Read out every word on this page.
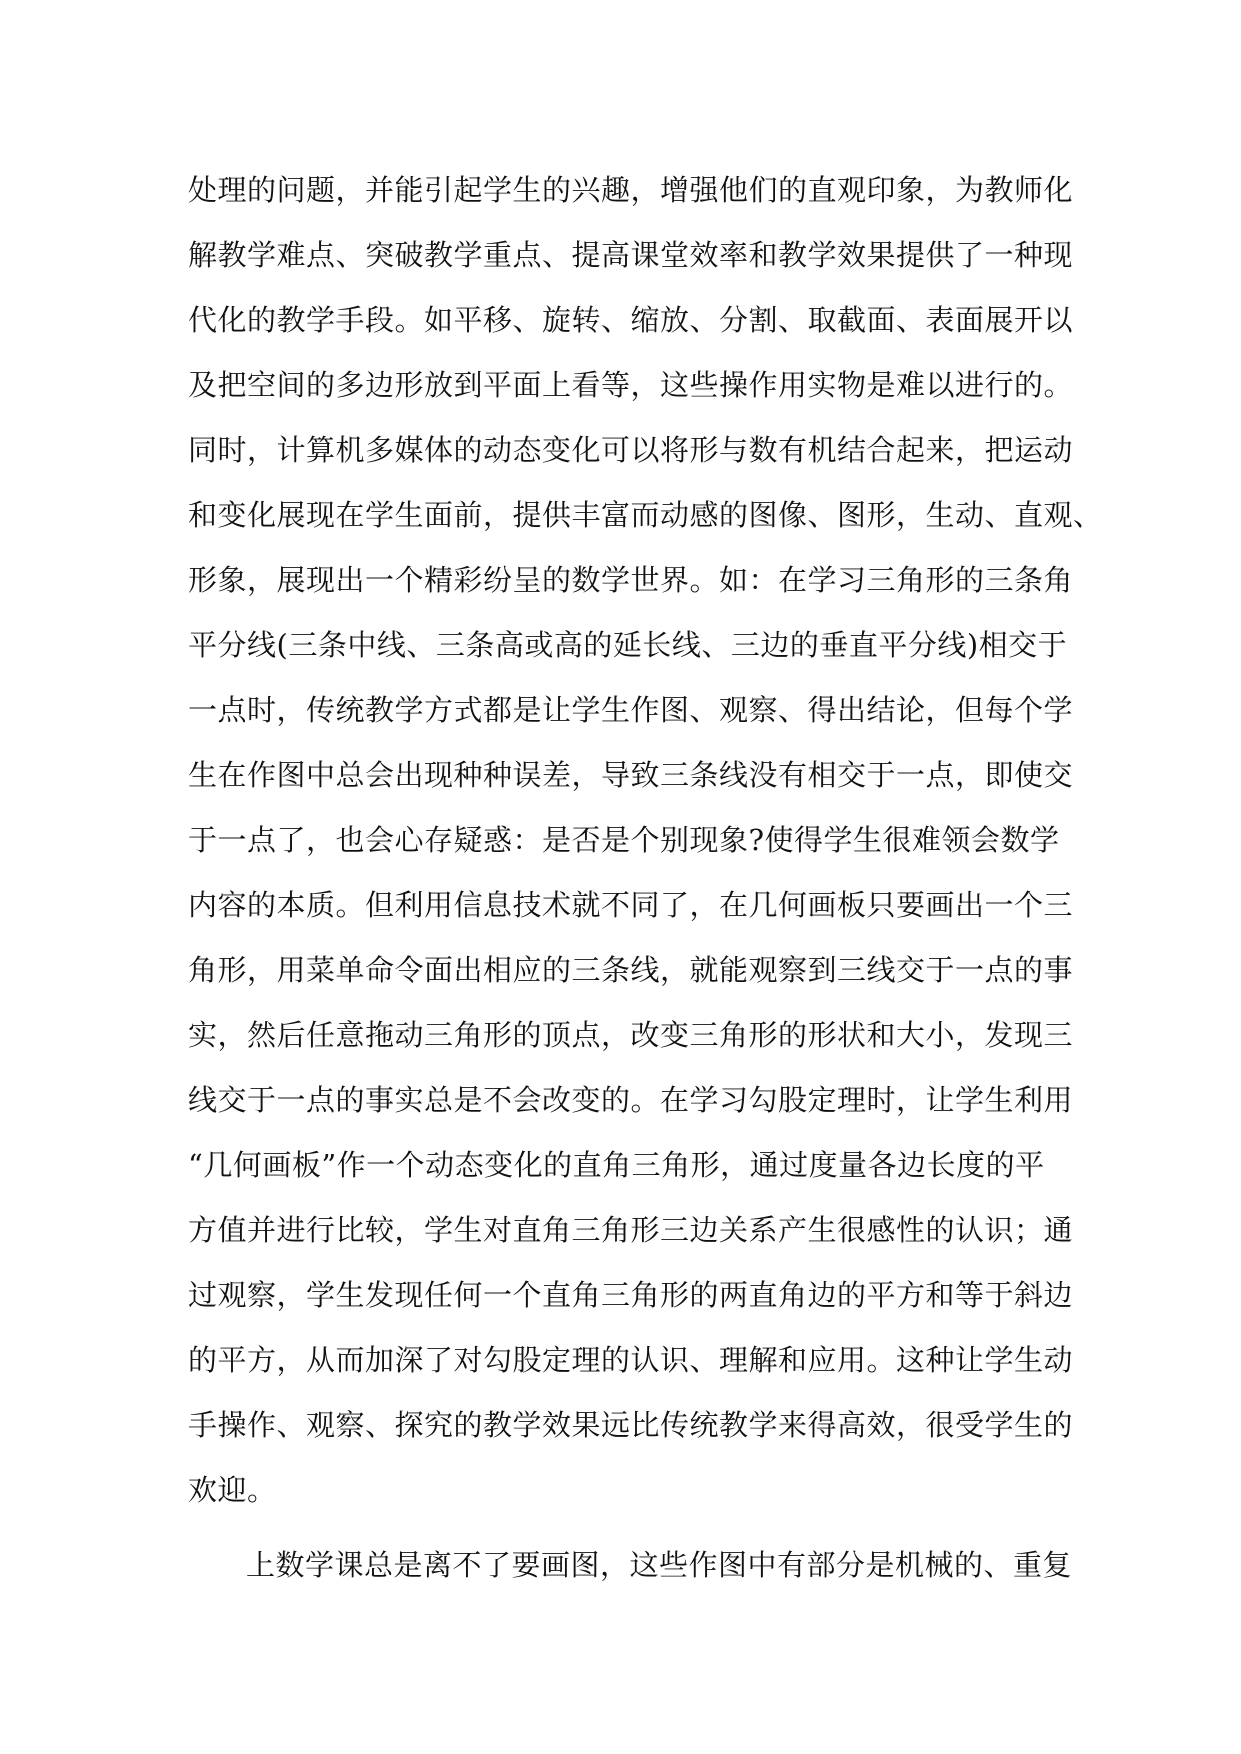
处理的问题，并能引起学生的兴趣，增强他们的直观印象，为教师化
解教学难点、突破教学重点、提高课堂效率和教学效果提供了一种现
代化的教学手段。如平移、旋转、缩放、分割、取截面、表面展开以
及把空间的多边形放到平面上看等，这些操作用实物是难以进行的。
同时，计算机多媒体的动态变化可以将形与数有机结合起来，把运动
和变化展现在学生面前，提供丰富而动感的图像、图形，生动、直观、
形象，展现出一个精彩纷呈的数学世界。如：在学习三角形的三条角
平分线(三条中线、三条高或高的延长线、三边的垂直平分线)相交于
一点时，传统教学方式都是让学生作图、观察、得出结论，但每个学
生在作图中总会出现种种误差，导致三条线没有相交于一点，即使交
于一点了，也会心存疑惑：是否是个别现象?使得学生很难领会数学
内容的本质。但利用信息技术就不同了，在几何画板只要画出一个三
角形，用菜单命令面出相应的三条线，就能观察到三线交于一点的事
实，然后任意拖动三角形的顶点，改变三角形的形状和大小，发现三
线交于一点的事实总是不会改变的。在学习勾股定理时，让学生利用
“几何画板”作一个动态变化的直角三角形，通过度量各边长度的平
方值并进行比较，学生对直角三角形三边关系产生很感性的认识；通
过观察，学生发现任何一个直角三角形的两直角边的平方和等于斜边
的平方，从而加深了对勾股定理的认识、理解和应用。这种让学生动
手操作、观察、探究的教学效果远比传统教学来得高效，很受学生的
欢迎。
上数学课总是离不了要画图，这些作图中有部分是机械的、重复
